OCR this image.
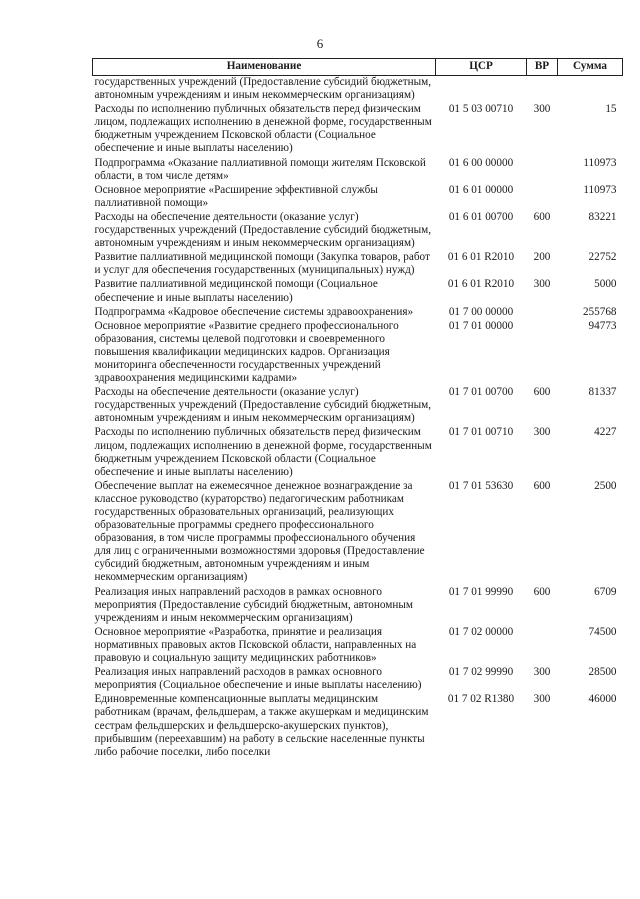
6
Наименование	ЦСР	ВР	Сумма
государственных учреждений (Предоставление субсидий бюджетным, автономным учреждениям и иным некоммерческим организациям)			
Расходы по исполнению публичных обязательств перед физическим лицом, подлежащих исполнению в денежной форме, государственным бюджетным учреждением Псковской области (Социальное обеспечение и иные выплаты населению)	01 5 03 00710	300	15
Подпрограмма «Оказание паллиативной помощи жителям Псковской области, в том числе детям»	01 6 00 00000		110973
Основное мероприятие «Расширение эффективной службы паллиативной помощи»	01 6 01 00000		110973
Расходы на обеспечение деятельности (оказание услуг) государственных учреждений (Предоставление субсидий бюджетным, автономным учреждениям и иным некоммерческим организациям)	01 6 01 00700	600	83221
Развитие паллиативной медицинской помощи (Закупка товаров, работ и услуг для обеспечения государственных (муниципальных) нужд)	01 6 01 R2010	200	22752
Развитие паллиативной медицинской помощи (Социальное обеспечение и иные выплаты населению)	01 6 01 R2010	300	5000
Подпрограмма «Кадровое обеспечение системы здравоохранения»	01 7 00 00000		255768
Основное мероприятие «Развитие среднего профессионального образования, системы целевой подготовки и своевременного повышения квалификации медицинских кадров. Организация мониторинга обеспеченности государственных учреждений здравоохранения медицинскими кадрами»	01 7 01 00000		94773
Расходы на обеспечение деятельности (оказание услуг) государственных учреждений (Предоставление субсидий бюджетным, автономным учреждениям и иным некоммерческим организациям)	01 7 01 00700	600	81337
Расходы по исполнению публичных обязательств перед физическим лицом, подлежащих исполнению в денежной форме, государственным бюджетным учреждением Псковской области (Социальное обеспечение и иные выплаты населению)	01 7 01 00710	300	4227
Обеспечение выплат на ежемесячное денежное вознаграждение за классное руководство (кураторство) педагогическим работникам государственных образовательных организаций, реализующих образовательные программы среднего профессионального образования, в том числе программы профессионального обучения для лиц с ограниченными возможностями здоровья (Предоставление субсидий бюджетным, автономным учреждениям и иным некоммерческим организациям)	01 7 01 53630	600	2500
Реализация иных направлений расходов в рамках основного мероприятия (Предоставление субсидий бюджетным, автономным учреждениям и иным некоммерческим организациям)	01 7 01 99990	600	6709
Основное мероприятие «Разработка, принятие и реализация нормативных правовых актов Псковской области, направленных на правовую и социальную защиту медицинских работников»	01 7 02 00000		74500
Реализация иных направлений расходов в рамках основного мероприятия (Социальное обеспечение и иные выплаты населению)	01 7 02 99990	300	28500
Единовременные компенсационные выплаты медицинским работникам (врачам, фельдшерам, а также акушеркам и медицинским сестрам фельдшерских и фельдшерско-акушерских пунктов), прибывшим (переехавшим) на работу в сельские населенные пункты либо рабочие поселки, либо поселки	01 7 02 R1380	300	46000
